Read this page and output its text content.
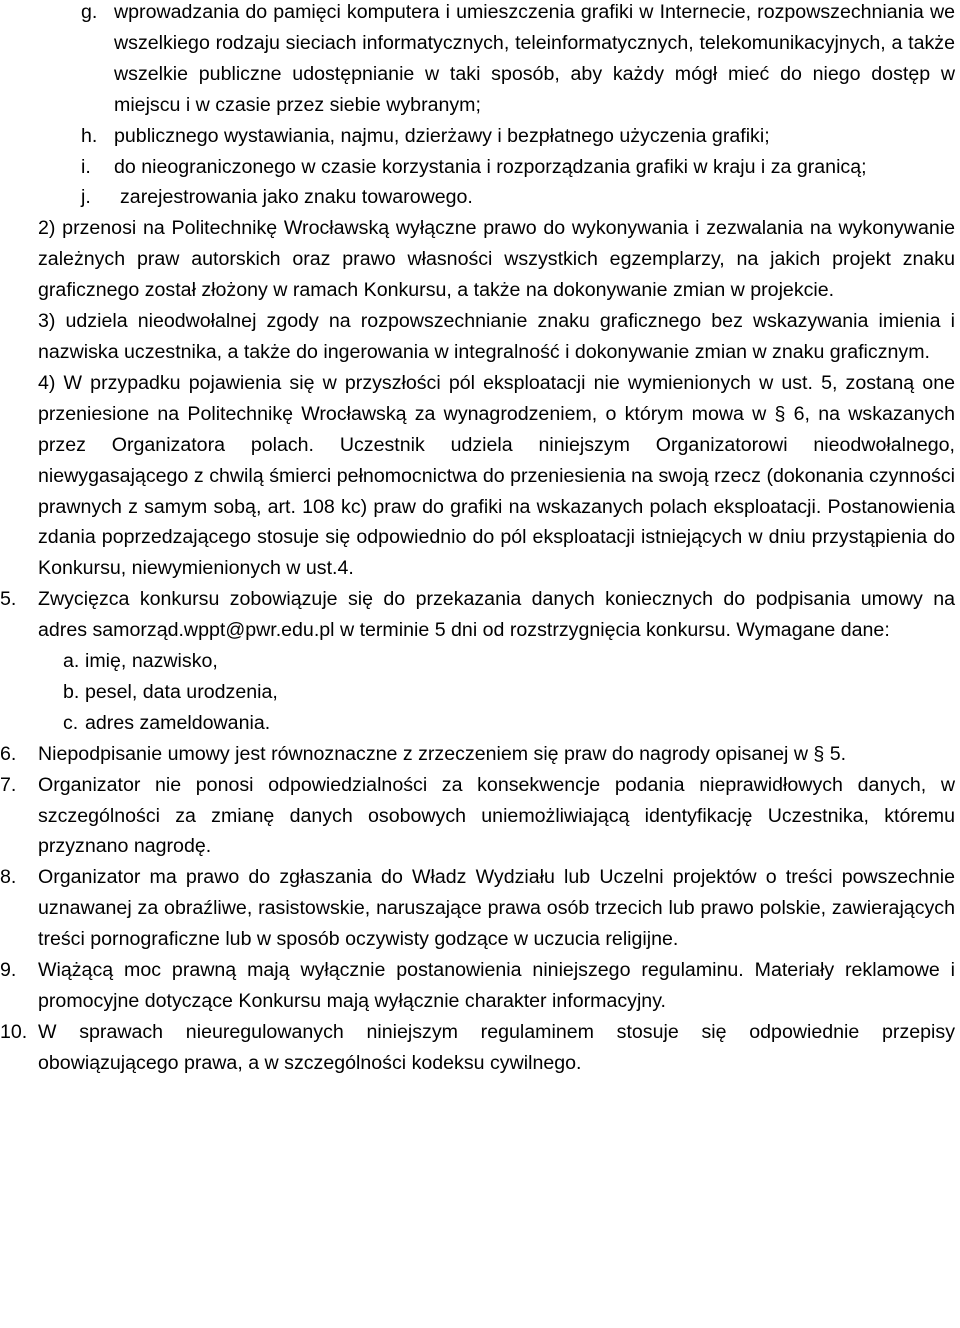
g. wprowadzania do pamięci komputera i umieszczenia grafiki w Internecie, rozpowszechniania we wszelkiego rodzaju sieciach informatycznych, teleinformatycznych, telekomunikacyjnych, a także wszelkie publiczne udostępnianie w taki sposób, aby każdy mógł mieć do niego dostęp w miejscu i w czasie przez siebie wybranym;
h. publicznego wystawiania, najmu, dzierżawy i bezpłatnego użyczenia grafiki;
i. do nieograniczonego w czasie korzystania i rozporządzania grafiki w kraju i za granicą;
j. zarejestrowania jako znaku towarowego.
2) przenosi na Politechnikę Wrocławską wyłączne prawo do wykonywania i zezwalania na wykonywanie zależnych praw autorskich oraz prawo własności wszystkich egzemplarzy, na jakich projekt znaku graficznego został złożony w ramach Konkursu, a także na dokonywanie zmian w projekcie.
3) udziela nieodwołalnej zgody na rozpowszechnianie znaku graficznego bez wskazywania imienia i nazwiska uczestnika, a także do ingerowania w integralność i dokonywanie zmian w znaku graficznym.
4) W przypadku pojawienia się w przyszłości pól eksploatacji nie wymienionych w ust. 5, zostaną one przeniesione na Politechnikę Wrocławską za wynagrodzeniem, o którym mowa w § 6, na wskazanych przez Organizatora polach. Uczestnik udziela niniejszym Organizatorowi nieodwołalnego, niewygasającego z chwilą śmierci pełnomocnictwa do przeniesienia na swoją rzecz (dokonania czynności prawnych z samym sobą, art. 108 kc) praw do grafiki na wskazanych polach eksploatacji. Postanowienia zdania poprzedzającego stosuje się odpowiednio do pól eksploatacji istniejących w dniu przystąpienia do Konkursu, niewymienionych w ust.4.
5. Zwycięzca konkursu zobowiązuje się do przekazania danych koniecznych do podpisania umowy na adres samorząd.wppt@pwr.edu.pl w terminie 5 dni od rozstrzygnięcia konkursu. Wymagane dane:
a. imię, nazwisko,
b. pesel, data urodzenia,
c. adres zameldowania.
6. Niepodpisanie umowy jest równoznaczne z zrzeczeniem się praw do nagrody opisanej w § 5.
7. Organizator nie ponosi odpowiedzialności za konsekwencje podania nieprawidłowych danych, w szczególności za zmianę danych osobowych uniemożliwiającą identyfikację Uczestnika, któremu przyznano nagrodę.
8. Organizator ma prawo do zgłaszania do Władz Wydziału lub Uczelni projektów o treści powszechnie uznawanej za obraźliwe, rasistowskie, naruszające prawa osób trzecich lub prawo polskie, zawierających treści pornograficzne lub w sposób oczywisty godzące w uczucia religijne.
9. Wiążącą moc prawną mają wyłącznie postanowienia niniejszego regulaminu. Materiały reklamowe i promocyjne dotyczące Konkursu mają wyłącznie charakter informacyjny.
10. W sprawach nieuregulowanych niniejszym regulaminem stosuje się odpowiednie przepisy obowiązującego prawa, a w szczególności kodeksu cywilnego.
